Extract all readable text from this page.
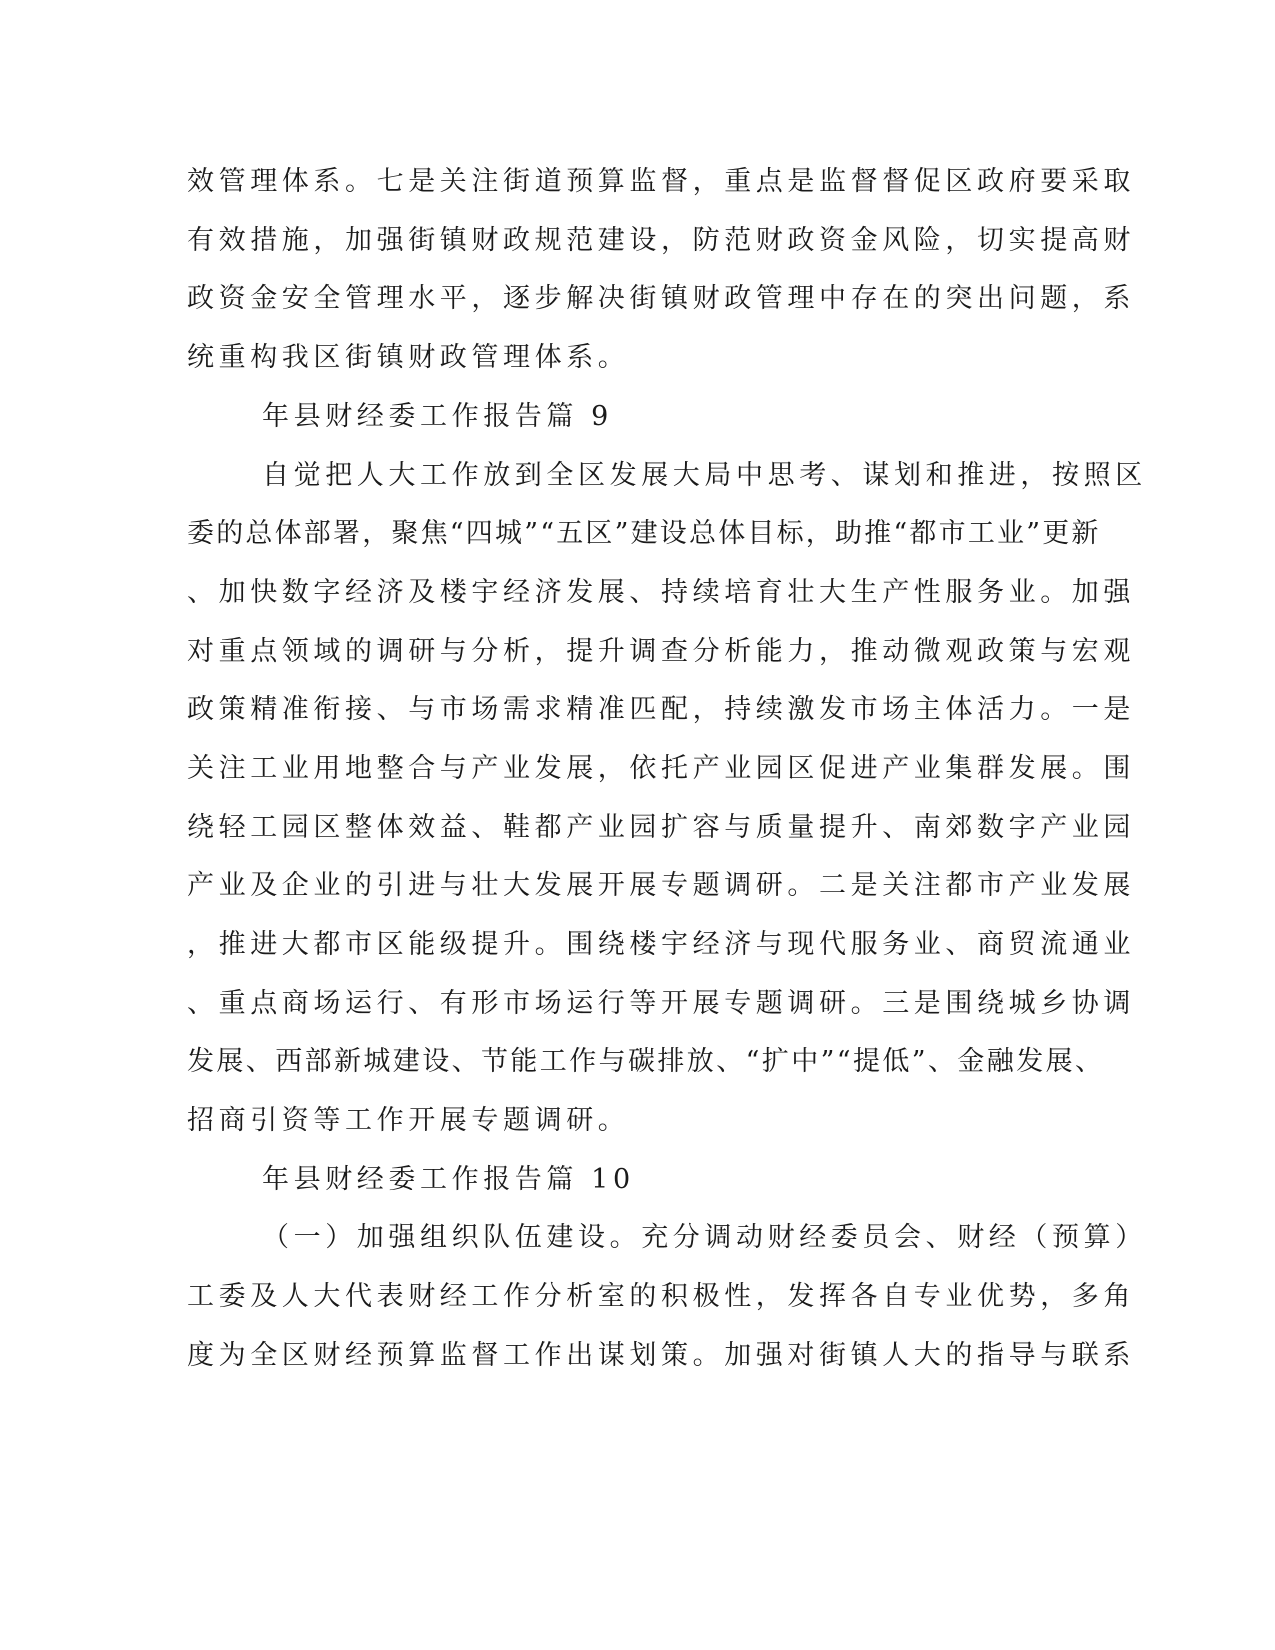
效管理体系。七是关注街道预算监督，重点是监督督促区政府要采取
有效措施，加强街镇财政规范建设，防范财政资金风险，切实提高财
政资金安全管理水平，逐步解决街镇财政管理中存在的突出问题，系
统重构我区街镇财政管理体系。
年县财经委工作报告篇 9
自觉把人大工作放到全区发展大局中思考、谋划和推进，按照区
委的总体部署，聚焦“四城”“五区”建设总体目标，助推“都市工业”更新
、加快数字经济及楼宇经济发展、持续培育壮大生产性服务业。加强
对重点领域的调研与分析，提升调查分析能力，推动微观政策与宏观
政策精准衔接、与市场需求精准匹配，持续激发市场主体活力。一是
关注工业用地整合与产业发展，依托产业园区促进产业集群发展。围
绕轻工园区整体效益、鞋都产业园扩容与质量提升、南郊数字产业园
产业及企业的引进与壮大发展开展专题调研。二是关注都市产业发展
，推进大都市区能级提升。围绕楼宇经济与现代服务业、商贸流通业
、重点商场运行、有形市场运行等开展专题调研。三是围绕城乡协调
发展、西部新城建设、节能工作与碳排放、“扩中”“提低”、金融发展、
招商引资等工作开展专题调研。
年县财经委工作报告篇 10
（一）加强组织队伍建设。充分调动财经委员会、财经（预算）
工委及人大代表财经工作分析室的积极性，发挥各自专业优势，多角
度为全区财经预算监督工作出谋划策。加强对街镇人大的指导与联系
